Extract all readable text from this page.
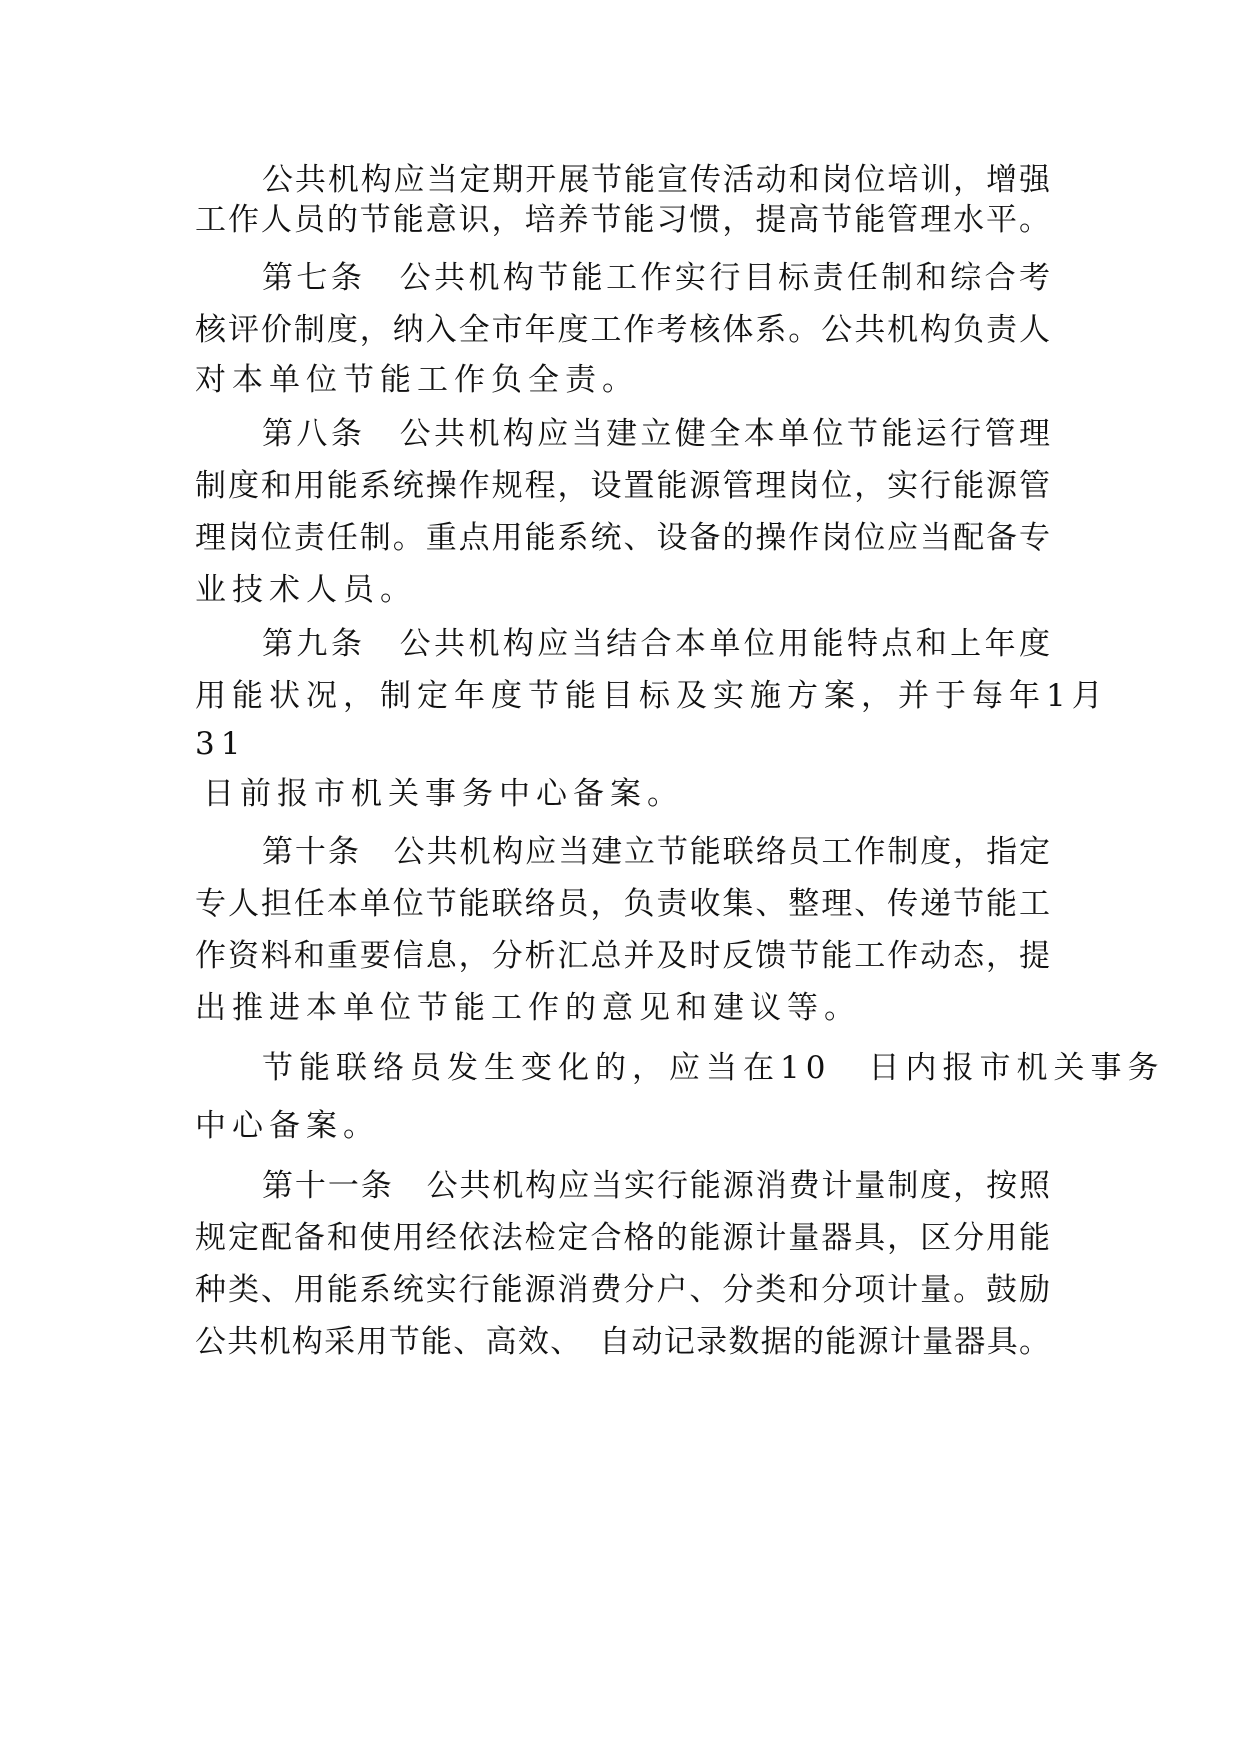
公共机构应当定期开展节能宣传活动和岗位培训，增强
工作人员的节能意识，培养节能习惯，提高节能管理水平。
第七条　公共机构节能工作实行目标责任制和综合考
核评价制度，纳入全市年度工作考核体系。公共机构负责人
对本单位节能工作负全责。
第八条　公共机构应当建立健全本单位节能运行管理
制度和用能系统操作规程，设置能源管理岗位，实行能源管
理岗位责任制。重点用能系统、设备的操作岗位应当配备专
业技术人员。
第九条　公共机构应当结合本单位用能特点和上年度
用能状况，制定年度节能目标及实施方案，并于每年1月
31
日前报市机关事务中心备案。
第十条　公共机构应当建立节能联络员工作制度，指定
专人担任本单位节能联络员，负责收集、整理、传递节能工
作资料和重要信息，分析汇总并及时反馈节能工作动态，提
出推进本单位节能工作的意见和建议等。
节能联络员发生变化的，应当在10　日内报市机关事务
中心备案。
第十一条　公共机构应当实行能源消费计量制度，按照
规定配备和使用经依法检定合格的能源计量器具，区分用能
种类、用能系统实行能源消费分户、分类和分项计量。鼓励
公共机构采用节能、高效、　自动记录数据的能源计量器具。
